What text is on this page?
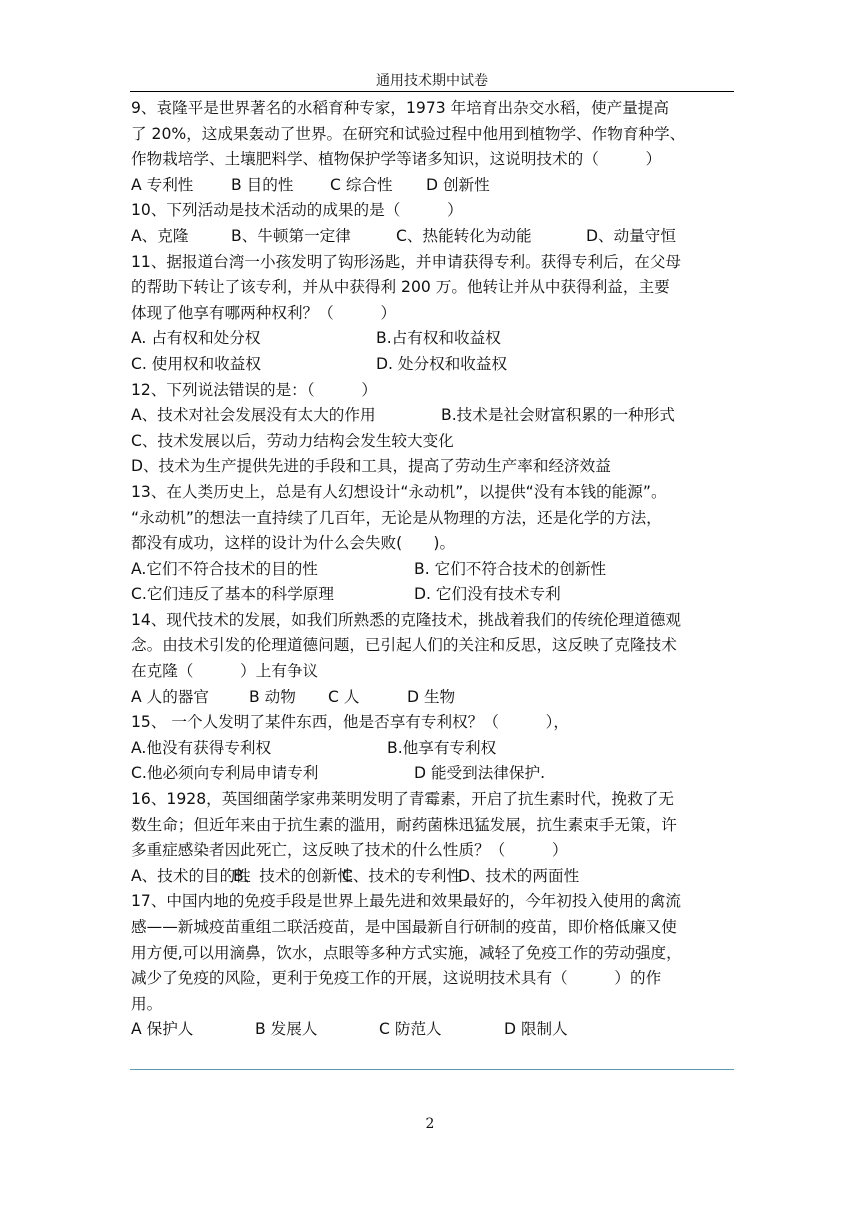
通用技术期中试卷
9、袁隆平是世界著名的水稻育种专家，1973 年培育出杂交水稻，使产量提高
了 20%，这成果轰动了世界。在研究和试验过程中他用到植物学、作物育种学、
作物栽培学、土壤肥料学、植物保护学等诸多知识，这说明技术的（　　　）
A 专利性 B 目的性 C 综合性 D 创新性
10、下列活动是技术活动的成果的是（　　　）
A、克隆	B、牛顿第一定律	C、热能转化为动能	D、动量守恒
11、据报道台湾一小孩发明了钩形汤匙，并申请获得专利。获得专利后，在父母
的帮助下转让了该专利，并从中获得利 200 万。他转让并从中获得利益，主要
体现了他享有哪两种权利？（　　　）
A. 占有权和处分权	B.占有权和收益权
C. 使用权和收益权	D. 处分权和收益权
12、下列说法错误的是：（　　　）
A、技术对社会发展没有太大的作用	B.技术是社会财富积累的一种形式
C、技术发展以后，劳动力结构会发生较大变化
D、技术为生产提供先进的手段和工具，提高了劳动生产率和经济效益
13、在人类历史上，总是有人幻想设计“永动机”，以提供“没有本钱的能源”。
“永动机”的想法一直持续了几百年，无论是从物理的方法，还是化学的方法，
都没有成功，这样的设计为什么会失败(　　)。
A.它们不符合技术的目的性	B. 它们不符合技术的创新性
C.它们违反了基本的科学原理	D. 它们没有技术专利
14、现代技术的发展，如我们所熟悉的克隆技术，挑战着我们的传统伦理道德观
念。由技术引发的伦理道德问题，已引起人们的关注和反思，这反映了克隆技术
在克隆（　　　）上有争议
A 人的器官	B 动物 C 人	D 生物
15、 一个人发明了某件东西，他是否享有专利权？（　　　），
A.他没有获得专利权	B.他享有专利权
C.他必须向专利局申请专利	D 能受到法律保护.
16、1928，英国细菌学家弗莱明发明了青霉素，开启了抗生素时代，挽救了无
数生命；但近年来由于抗生素的滥用，耐药菌株迅猛发展，抗生素束手无策，许
多重症感染者因此死亡，这反映了技术的什么性质？（　　　）
A、技术的目的性
B、技术的创新性
C、技术的专利性
D、技术的两面性
17、中国内地的免疫手段是世界上最先进和效果最好的，今年初投入使用的禽流
感——新城疫苗重组二联活疫苗，是中国最新自行研制的疫苗，即价格低廉又使
用方便,可以用滴鼻，饮水，点眼等多种方式实施，减轻了免疫工作的劳动强度，
减少了免疫的风险，更利于免疫工作的开展，这说明技术具有（　　　）的作
用。
A 保护人	B 发展人	C 防范人	D 限制人
2
